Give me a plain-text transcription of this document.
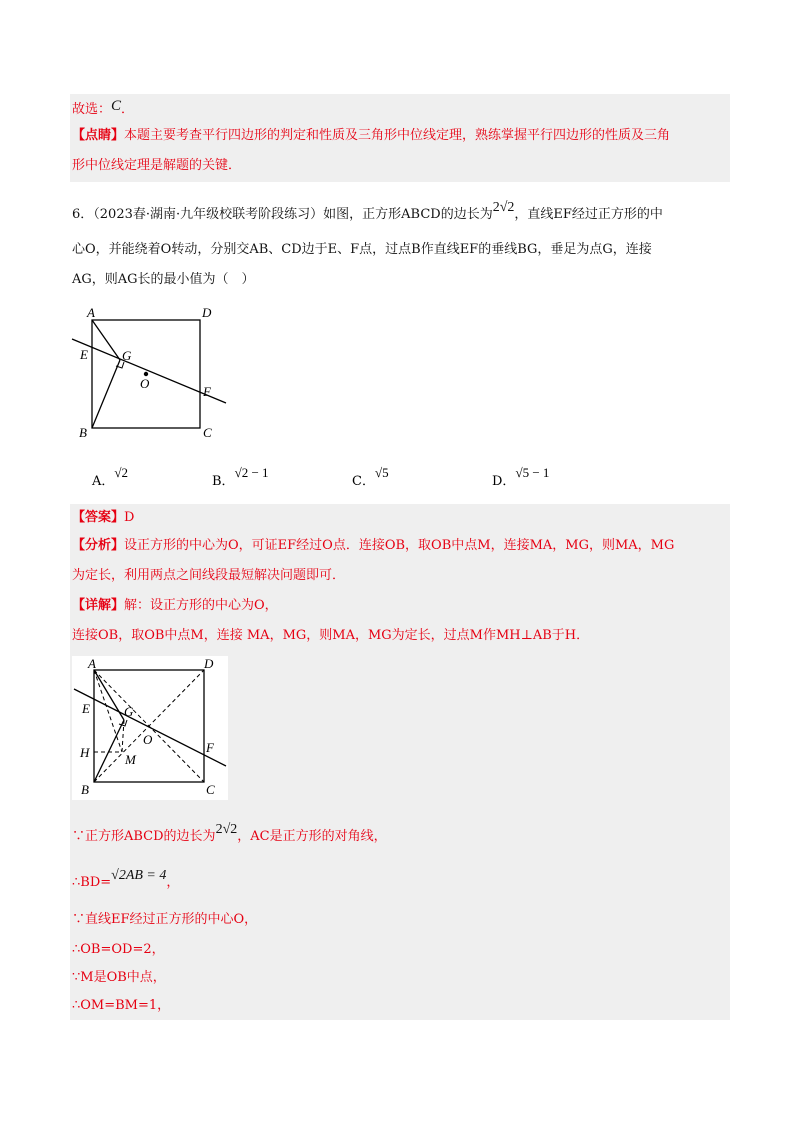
故选：C．
【点睛】本题主要考查平行四边形的判定和性质及三角形中位线定理，熟练掌握平行四边形的性质及三角
形中位线定理是解题的关键．
6．（2023春·湖南·九年级校联考阶段练习）如图，正方形ABCD的边长为2√2，直线EF经过正方形的中
心O，并能绕着O转动，分别交AB、CD边于E、F点，过点B作直线EF的垂线BG，垂足为点G，连接
AG，则AG长的最小值为（　）
A	D
E	G
O
F
B	C
A．√2
B．√2 − 1
C．√5
D．√5 − 1
【答案】D
【分析】设正方形的中心为O，可证EF经过O点．连接OB，取OB中点M，连接MA，MG，则MA，MG
为定长，利用两点之间线段最短解决问题即可．
【详解】解：设正方形的中心为O，
连接OB，取OB中点M，连接 MA，MG，则MA，MG为定长，过点M作MH⊥AB于H．
A	D
E	G
O
H	M
F
B	C
∵正方形ABCD的边长为2√2，AC是正方形的对角线，
∴BD=√2AB = 4，
∵直线EF经过正方形的中心O，
∴OB=OD=2，
∵M是OB中点，
∴OM=BM=1，
